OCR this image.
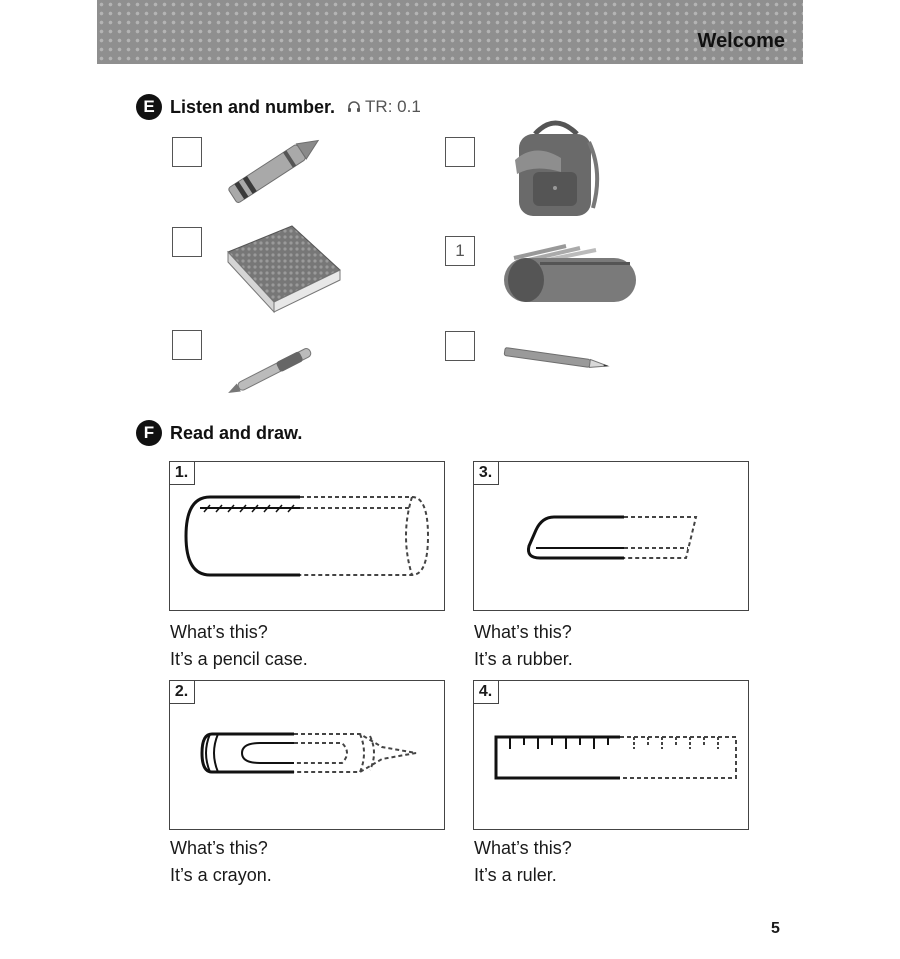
Welcome
E Listen and number. TR: 0.1
1
F Read and draw.
1.
What’s this?
It’s a pencil case.
3.
What’s this?
It’s a rubber.
2.
What’s this?
It’s a crayon.
4.
What’s this?
It’s a ruler.
5
